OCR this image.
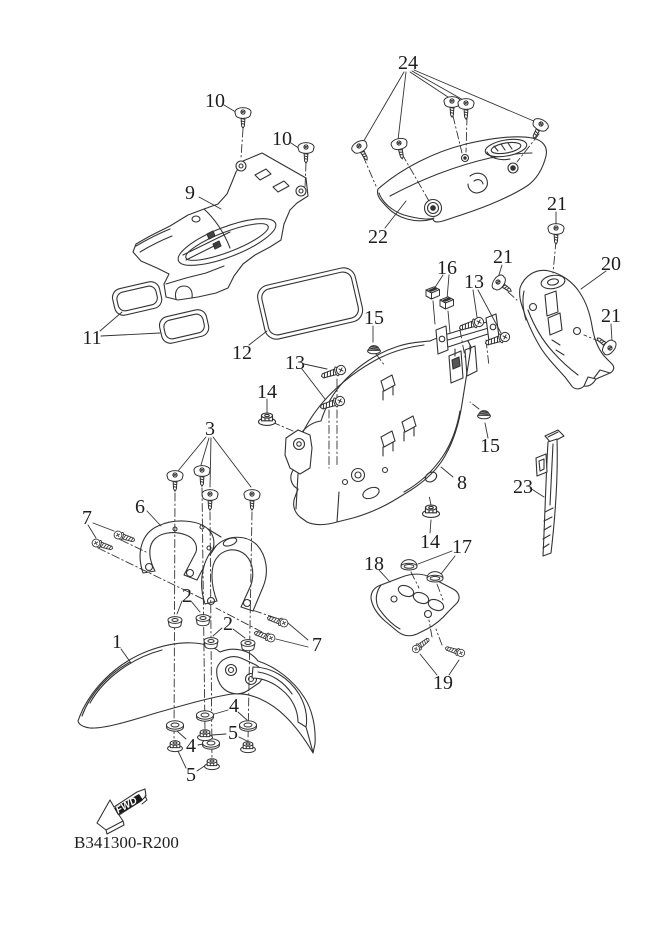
FWD
10
10
9
24
22
21
21	20
21
16
13
11
12
15
13
14
3
15
8 23
14 17
18
6
7
2
2
1	7
19
4
5
4
5
B341300-R200
